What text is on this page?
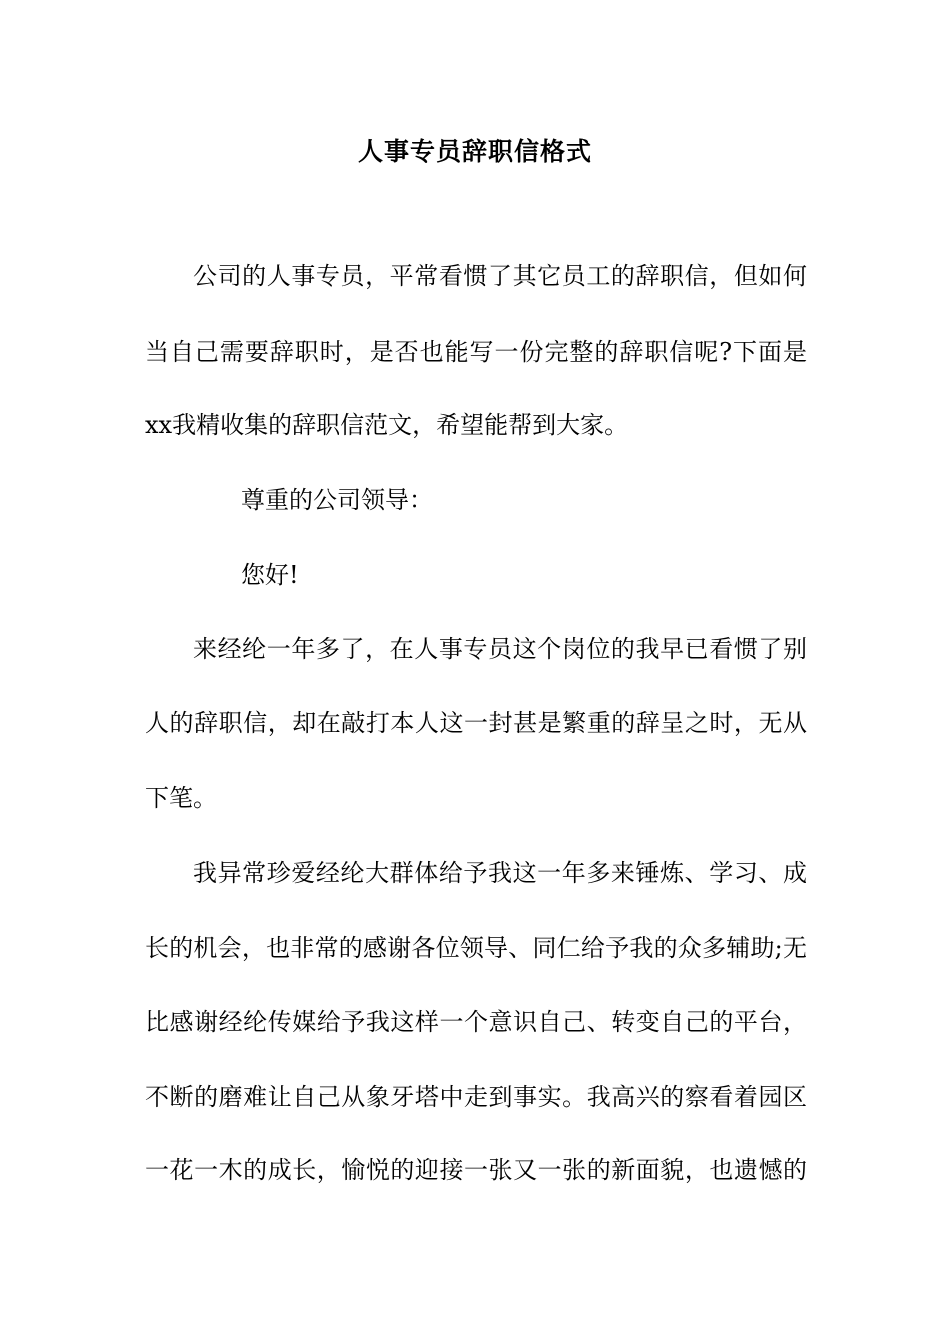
人事专员辞职信格式
公司的人事专员，平常看惯了其它员工的辞职信，但如何
当自己需要辞职时，是否也能写一份完整的辞职信呢?下面是
xx我精收集的辞职信范文，希望能帮到大家。
尊重的公司领导：
您好!
来经纶一年多了，在人事专员这个岗位的我早已看惯了别
人的辞职信，却在敲打本人这一封甚是繁重的辞呈之时，无从
下笔。
我异常珍爱经纶大群体给予我这一年多来锤炼、学习、成
长的机会，也非常的感谢各位领导、同仁给予我的众多辅助;无
比感谢经纶传媒给予我这样一个意识自己、转变自己的平台，
不断的磨难让自己从象牙塔中走到事实。我高兴的察看着园区
一花一木的成长，愉悦的迎接一张又一张的新面貌，也遗憾的
